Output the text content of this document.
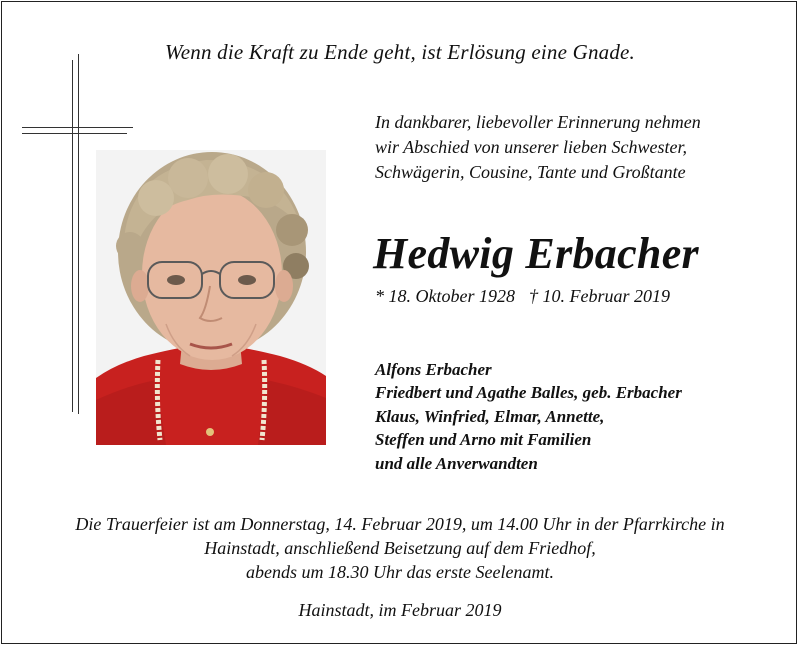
Wenn die Kraft zu Ende geht, ist Erlösung eine Gnade.
In dankbarer, liebevoller Erinnerung nehmen
wir Abschied von unserer lieben Schwester,
Schwägerin, Cousine, Tante und Großtante
Hedwig Erbacher
* 18. Oktober 1928 † 10. Februar 2019
Alfons Erbacher
Friedbert und Agathe Balles, geb. Erbacher
Klaus, Winfried, Elmar, Annette,
Steffen und Arno mit Familien
und alle Anverwandten
Die Trauerfeier ist am Donnerstag, 14. Februar 2019, um 14.00 Uhr in der Pfarrkirche in
Hainstadt, anschließend Beisetzung auf dem Friedhof,
abends um 18.30 Uhr das erste Seelenamt.
Hainstadt, im Februar 2019
